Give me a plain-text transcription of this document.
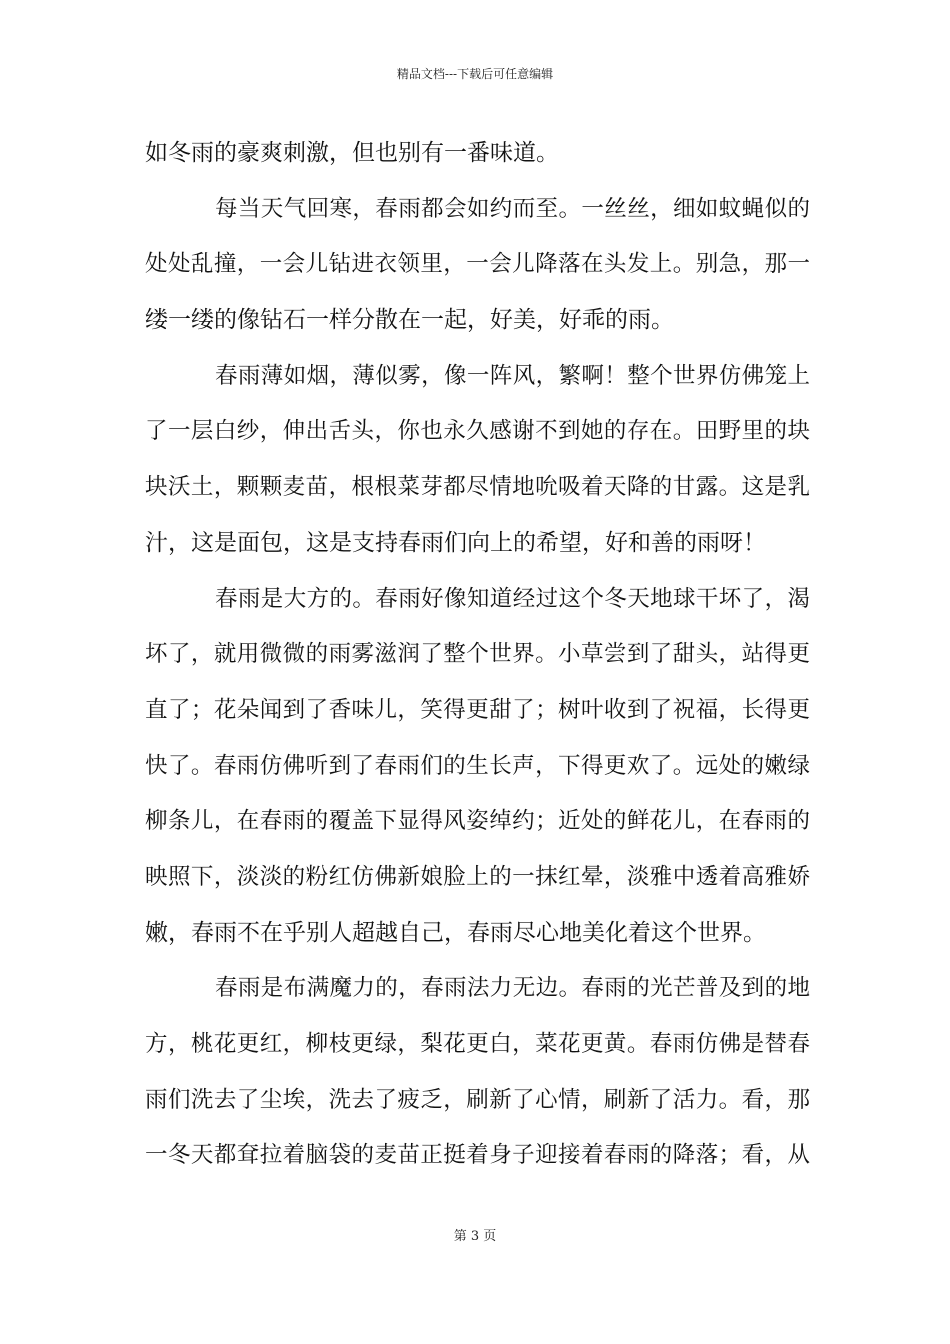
精品文档---下载后可任意编辑
如冬雨的豪爽刺激，但也别有一番味道。
每当天气回寒，春雨都会如约而至。一丝丝，细如蚊蝇似的
处处乱撞，一会儿钻进衣领里，一会儿降落在头发上。别急，那一
缕一缕的像钻石一样分散在一起，好美，好乖的雨。
春雨薄如烟，薄似雾，像一阵风，繁啊！整个世界仿佛笼上
了一层白纱，伸出舌头，你也永久感谢不到她的存在。田野里的块
块沃土，颗颗麦苗，根根菜芽都尽情地吮吸着天降的甘露。这是乳
汁，这是面包，这是支持春雨们向上的希望，好和善的雨呀！
春雨是大方的。春雨好像知道经过这个冬天地球干坏了，渴
坏了，就用微微的雨雾滋润了整个世界。小草尝到了甜头，站得更
直了；花朵闻到了香味儿，笑得更甜了；树叶收到了祝福，长得更
快了。春雨仿佛听到了春雨们的生长声，下得更欢了。远处的嫩绿
柳条儿，在春雨的覆盖下显得风姿绰约；近处的鲜花儿，在春雨的
映照下，淡淡的粉红仿佛新娘脸上的一抹红晕，淡雅中透着高雅娇
嫩，春雨不在乎别人超越自己，春雨尽心地美化着这个世界。
春雨是布满魔力的，春雨法力无边。春雨的光芒普及到的地
方，桃花更红，柳枝更绿，梨花更白，菜花更黄。春雨仿佛是替春
雨们洗去了尘埃，洗去了疲乏，刷新了心情，刷新了活力。看，那
一冬天都耷拉着脑袋的麦苗正挺着身子迎接着春雨的降落；看，从
第 3 页
